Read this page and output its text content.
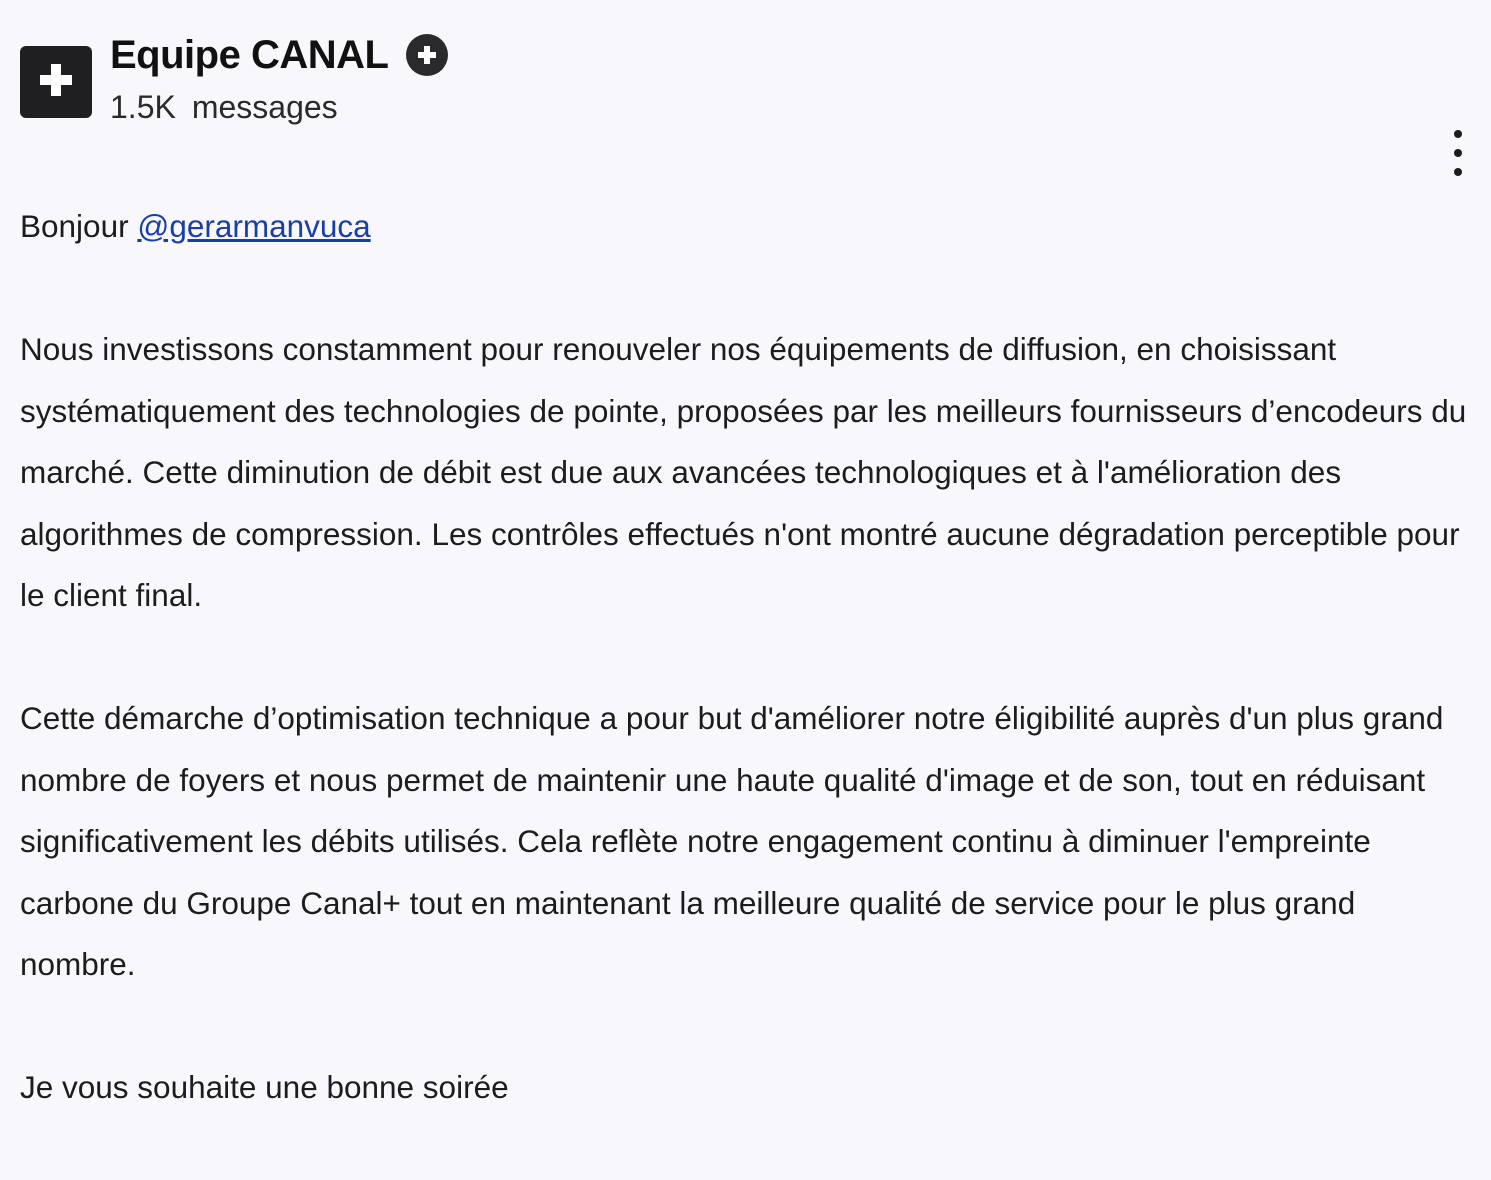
Equipe CANAL
1.5K messages

Bonjour @gerarmanvuca

Nous investissons constamment pour renouveler nos équipements de diffusion, en choisissant systématiquement des technologies de pointe, proposées par les meilleurs fournisseurs d’encodeurs du marché. Cette diminution de débit est due aux avancées technologiques et à l'amélioration des algorithmes de compression. Les contrôles effectués n'ont montré aucune dégradation perceptible pour le client final.

Cette démarche d’optimisation technique a pour but d'améliorer notre éligibilité auprès d'un plus grand nombre de foyers et nous permet de maintenir une haute qualité d'image et de son, tout en réduisant significativement les débits utilisés. Cela reflète notre engagement continu à diminuer l'empreinte carbone du Groupe Canal+ tout en maintenant la meilleure qualité de service pour le plus grand nombre.

Je vous souhaite une bonne soirée
